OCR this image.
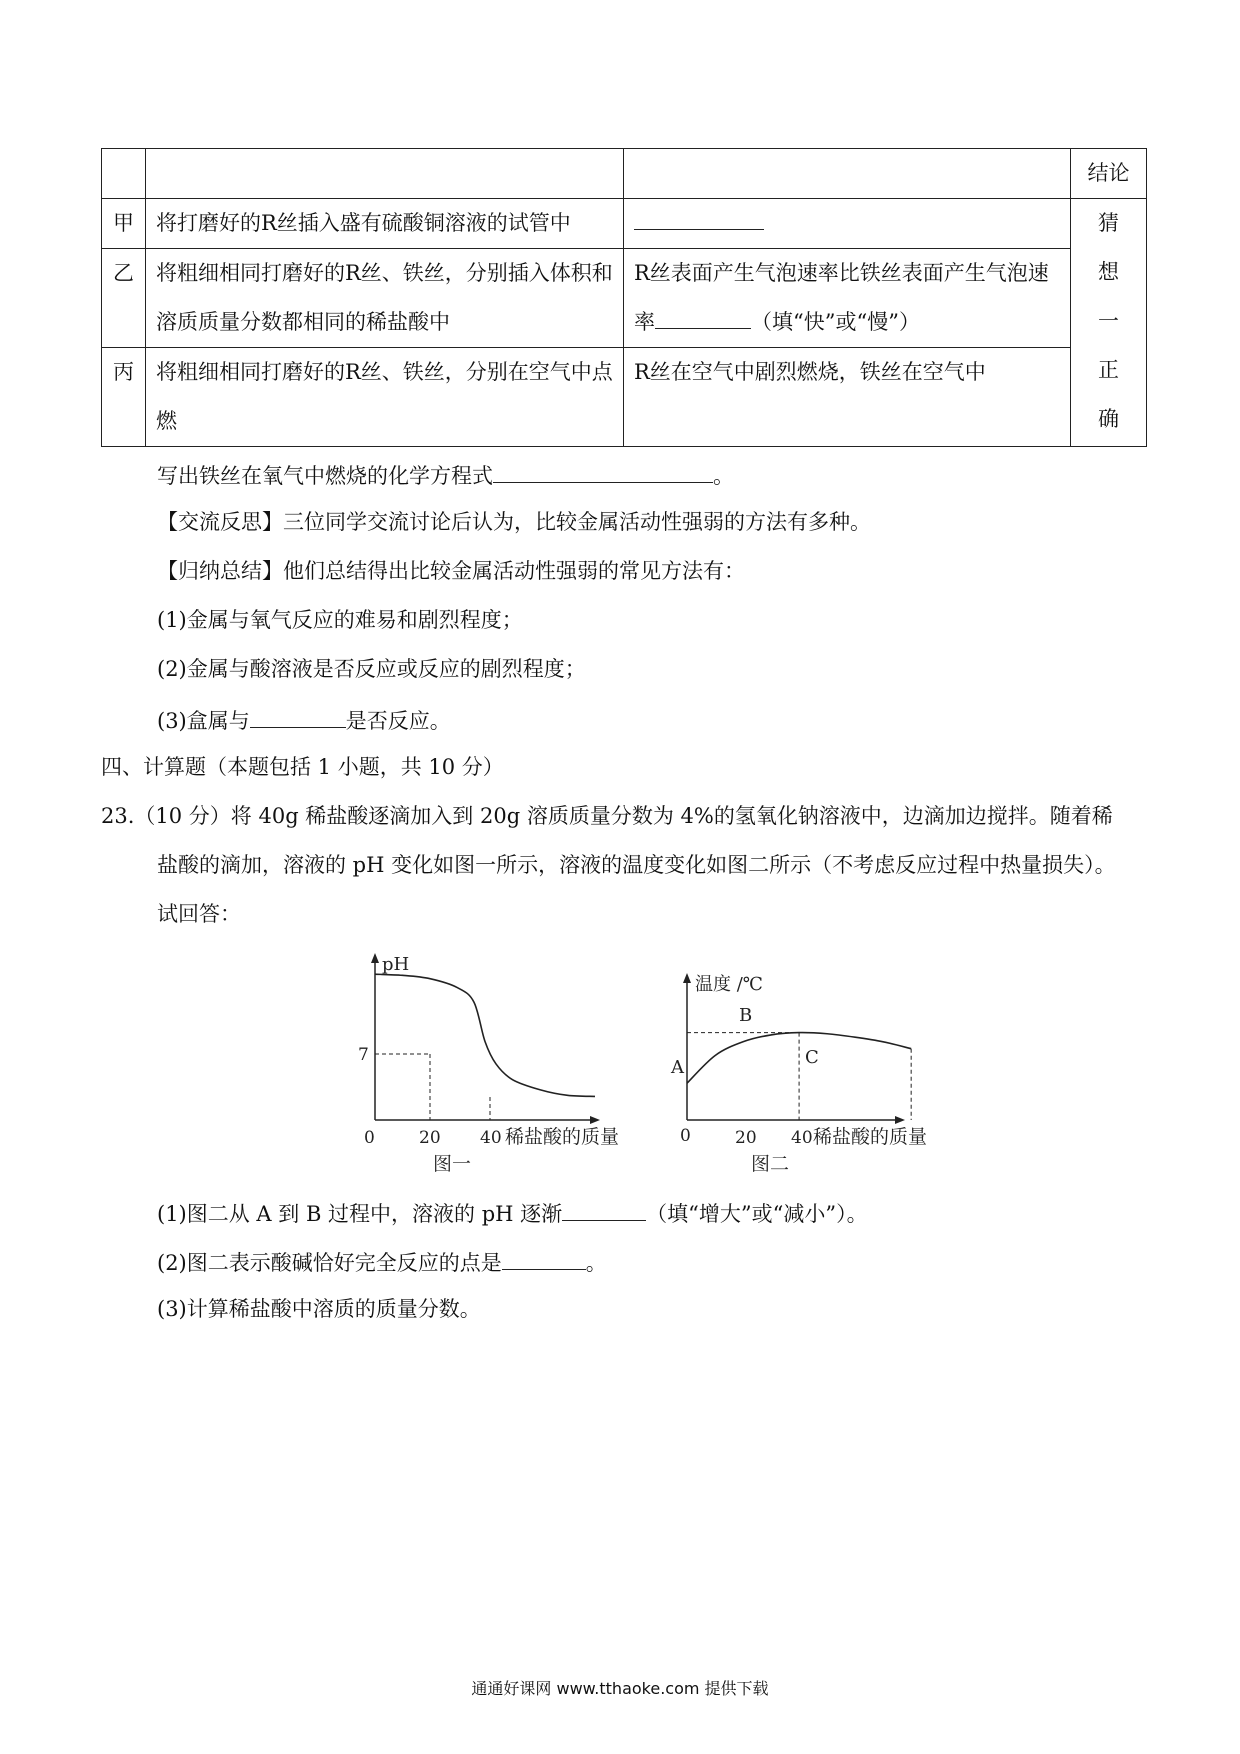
			结论
甲	将打磨好的R丝插入盛有硫酸铜溶液的试管中		猜想一正确

乙	将粗细相同打磨好的R丝、铁丝，分别插入体积和溶质质量分数都相同的稀盐酸中	R丝表面产生气泡速率比铁丝表面产生气泡速率 （填“快”或“慢”）	
丙	将粗细相同打磨好的R丝、铁丝，分别在空气中点燃	R丝在空气中剧烈燃烧，铁丝在空气中	
写出铁丝在氧气中燃烧的化学方程式	。
【交流反思】三位同学交流讨论后认为，比较金属活动性强弱的方法有多种。
【归纳总结】他们总结得出比较金属活动性强弱的常见方法有：
(1)金属与氧气反应的难易和剧烈程度；
(2)金属与酸溶液是否反应或反应的剧烈程度；
(3)盒属与	是否反应。
四、计算题（本题包括 1 小题，共 10 分）
23.（10 分）将 40g 稀盐酸逐滴加入到 20g 溶质质量分数为 4%的氢氧化钠溶液中，边滴加边搅拌。随着稀
盐酸的滴加，溶液的 pH 变化如图一所示，溶液的温度变化如图二所示（不考虑反应过程中热量损失）。
试回答：
pH
0	20 40
7
稀盐酸的质量
图一
温度 /℃
0	20 40 稀盐酸的质量
A
B
C
图二
(1)图二从 A 到 B 过程中，溶液的 pH 逐渐	（填“增大”或“减小”）。
(2)图二表示酸碱恰好完全反应的点是	。
(3)计算稀盐酸中溶质的质量分数。
通通好课网 www.tthaoke.com 提供下载
